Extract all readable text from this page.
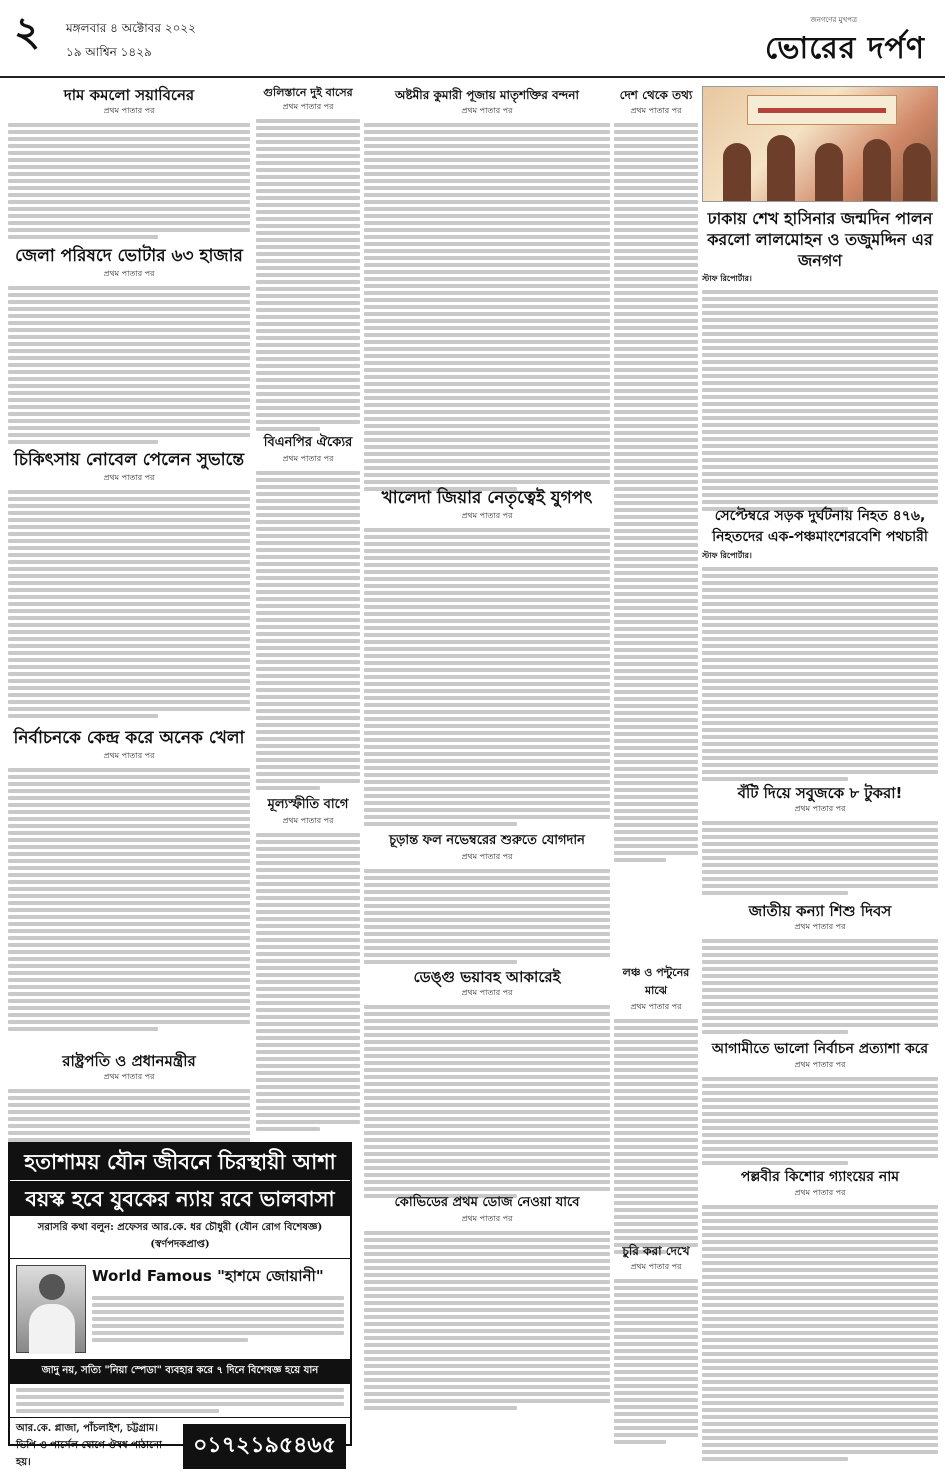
২ মঙ্গলবার ৪ অক্টোবর ২০২২
১৯ আশ্বিন ১৪২৯
জনগণের মুখপত্র
ভোরের দর্পণ
দাম কমলো সয়াবিনের
প্রথম পাতার পর
জেলা পরিষদে ভোটার ৬৩ হাজার
প্রথম পাতার পর
চিকিৎসায় নোবেল পেলেন সুভান্তে
প্রথম পাতার পর
নির্বাচনকে কেন্দ্র করে অনেক খেলা
প্রথম পাতার পর
রাষ্ট্রপতি ও প্রধানমন্ত্রীর
প্রথম পাতার পর
গুলিস্তানে দুই বাসের
প্রথম পাতার পর
বিএনপির ঐক্যের
প্রথম পাতার পর
মূল্যস্ফীতি বাগে
প্রথম পাতার পর
অষ্টমীর কুমারী পূজায় মাতৃশক্তির বন্দনা
প্রথম পাতার পর
খালেদা জিয়ার নেতৃত্বেই যুগপৎ
প্রথম পাতার পর
চূড়ান্ত ফল নভেম্বরের শুরুতে যোগদান
প্রথম পাতার পর
ডেঙ্গু ভয়াবহ আকারেই
প্রথম পাতার পর
কোভিডের প্রথম ডোজ নেওয়া যাবে
প্রথম পাতার পর
দেশ থেকে তথ্য
প্রথম পাতার পর
লঞ্চ ও পন্টুনের মাঝে
প্রথম পাতার পর
চুরি করা দেখে
প্রথম পাতার পর
ঢাকায় শেখ হাসিনার জন্মদিন পালন করলো লালমোহন ও তজুমদ্দিন এর জনগণ
স্টাফ রিপোর্টার।
সেপ্টেম্বরে সড়ক দুর্ঘটনায় নিহত ৪৭৬, নিহতদের এক-পঞ্চমাংশেরবেশি পথচারী
স্টাফ রিপোর্টার।
বঁটি দিয়ে সবুজকে ৮ টুকরা!
প্রথম পাতার পর
জাতীয় কন্যা শিশু দিবস
প্রথম পাতার পর
আগামীতে ভালো নির্বাচন প্রত্যাশা করে
প্রথম পাতার পর
পল্লবীর কিশোর গ্যাংয়ের নাম
প্রথম পাতার পর
হতাশাময় যৌন জীবনে চিরস্থায়ী আশা
বয়স্ক হবে যুবকের ন্যায় রবে ভালবাসা
সরাসরি কথা বলুন: প্রফেসর আর.কে. ধর চৌধুরী (যৌন রোগ বিশেষজ্ঞ) (স্বর্ণপদকপ্রাপ্ত)
World Famous "হাশমে জোয়ানী"
জাদু নয়, সত্যি "নিয়া স্পেডা" ব্যবহার করে ৭ দিনে বিশেষজ্ঞ হয়ে যান
আর.কে. প্লাজা, পাঁচলাইশ, চট্টগ্রাম। ভিপি ও পার্সেল যোগে ঔষধ পাঠানো হয়।
০১৭২১৯৫৪৬৫
